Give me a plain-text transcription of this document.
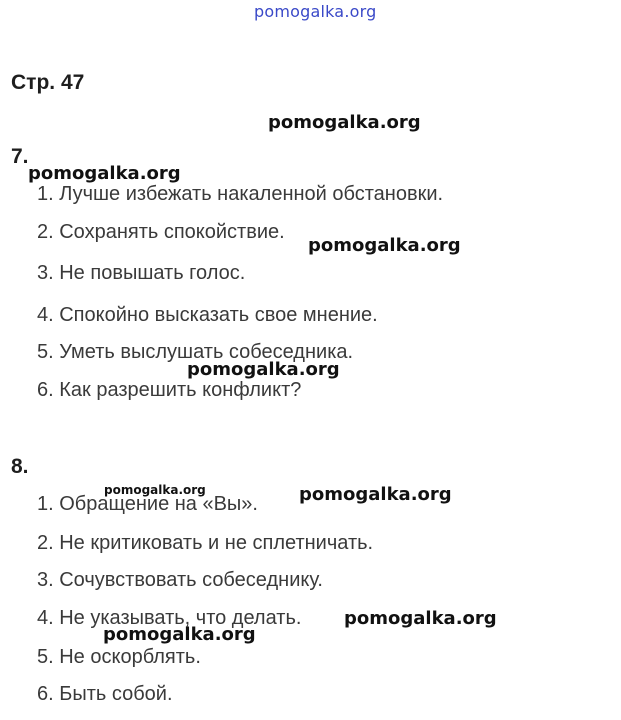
pomogalka.org
Стр. 47
7.
1. Лучше избежать накаленной обстановки.
2. Сохранять спокойствие.
3. Не повышать голос.
4. Спокойно высказать свое мнение.
5. Уметь выслушать собеседника.
6. Как разрешить конфликт?
8.
1. Обращение на «Вы».
2. Не критиковать и не сплетничать.
3. Сочувствовать собеседнику.
4. Не указывать, что делать.
5. Не оскорблять.
6. Быть собой.
pomogalka.org
pomogalka.org
pomogalka.org
pomogalka.org
pomogalka.org	pomogalka.org
pomogalka.org
pomogalka.org
